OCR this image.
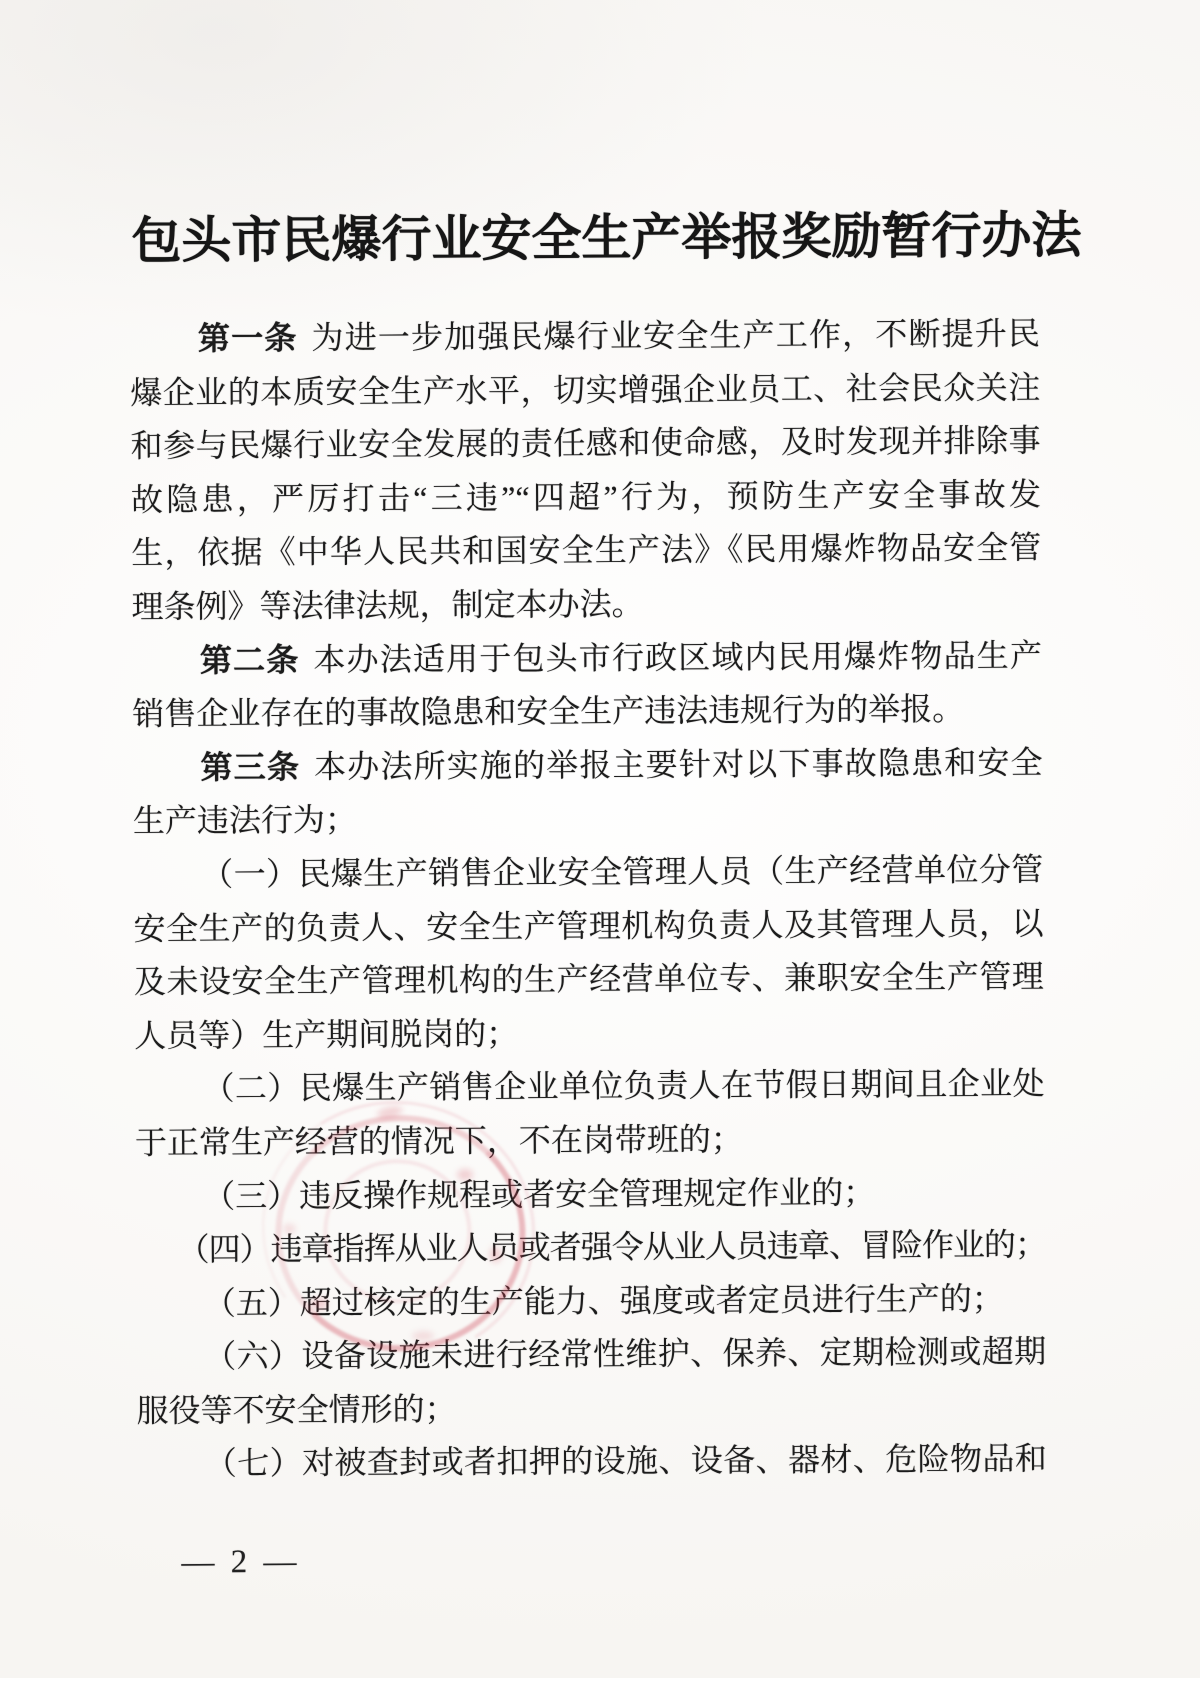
包头市民爆行业安全生产举报奖励暂行办法
第一条 为进一步加强民爆行业安全生产工作，不断提升民
爆企业的本质安全生产水平，切实增强企业员工、社会民众关注
和参与民爆行业安全发展的责任感和使命感，及时发现并排除事
故隐患，严厉打击“三违”“四超”行为，预防生产安全事故发
生，依据《中华人民共和国安全生产法》《民用爆炸物品安全管
理条例》等法律法规，制定本办法。
第二条 本办法适用于包头市行政区域内民用爆炸物品生产
销售企业存在的事故隐患和安全生产违法违规行为的举报。
第三条 本办法所实施的举报主要针对以下事故隐患和安全
生产违法行为；
（一）民爆生产销售企业安全管理人员（生产经营单位分管
安全生产的负责人、安全生产管理机构负责人及其管理人员，以
及未设安全生产管理机构的生产经营单位专、兼职安全生产管理
人员等）生产期间脱岗的；
（二）民爆生产销售企业单位负责人在节假日期间且企业处
于正常生产经营的情况下，不在岗带班的；
（三）违反操作规程或者安全管理规定作业的；
（四）违章指挥从业人员或者强令从业人员违章、冒险作业的；
（五）超过核定的生产能力、强度或者定员进行生产的；
（六）设备设施未进行经常性维护、保养、定期检测或超期
服役等不安全情形的；
（七）对被查封或者扣押的设施、设备、器材、危险物品和
— 2 —
